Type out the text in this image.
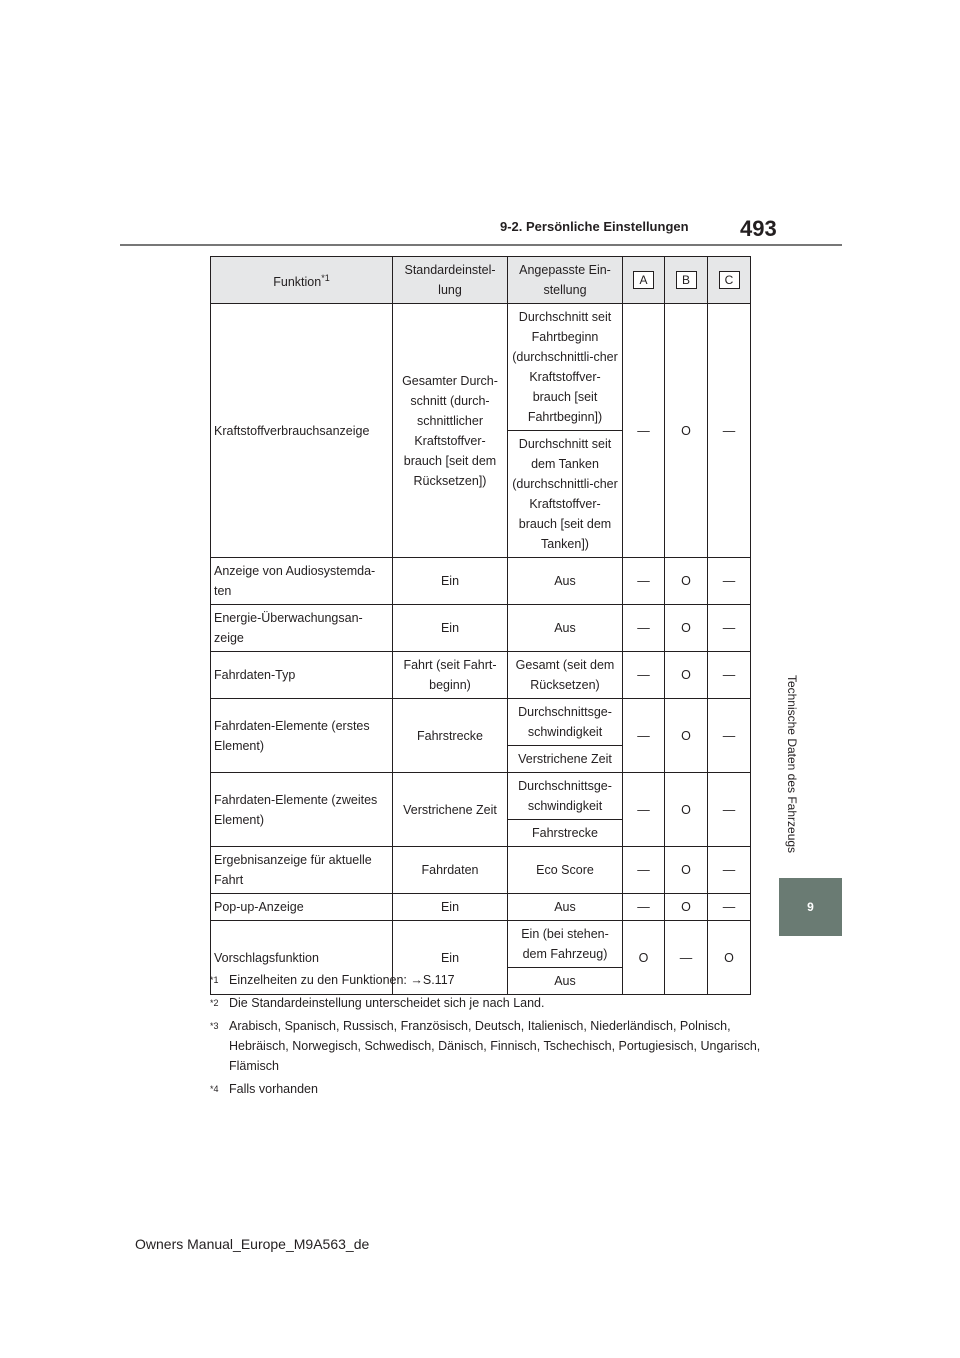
9-2. Persönliche Einstellungen 493
Technische Daten des Fahrzeugs
9
Funktion$^{*1}$	Standardeinstel-lung	Angepasste Ein-stellung	A	B	C
Kraftstoffverbrauchsanzeige	Gesamter Durch-schnitt (durch-schnittlicher Kraftstoffver-brauch [seit dem Rücksetzen])	Durchschnitt seit Fahrtbeginn (durchschnittli-cher Kraftstoffver-brauch [seit Fahrtbeginn])	—	O	—
		Durchschnitt seit dem Tanken (durchschnittli-cher Kraftstoffver-brauch [seit dem Tanken])			
Anzeige von Audiosystemda-ten	Ein	Aus	—	O	—
Energie-Überwachungsan-zeige	Ein	Aus	—	O	—
Fahrdaten-Typ	Fahrt (seit Fahrt-beginn)	Gesamt (seit dem Rücksetzen)	—	O	—
Fahrdaten-Elemente (erstes Element)	Fahrstrecke	Durchschnittsge-schwindigkeit	—	O	—
		Verstrichene Zeit			
Fahrdaten-Elemente (zweites Element)	Verstrichene Zeit	Durchschnittsge-schwindigkeit	—	O	—
		Fahrstrecke			
Ergebnisanzeige für aktuelle Fahrt	Fahrdaten	Eco Score	—	O	—
Pop-up-Anzeige	Ein	Aus	—	O	—
Vorschlagsfunktion	Ein	Ein (bei stehen-dem Fahrzeug)	O	—	O
		Aus			
*1 Einzelheiten zu den Funktionen: →S.117
*2 Die Standardeinstellung unterscheidet sich je nach Land.
*3 Arabisch, Spanisch, Russisch, Französisch, Deutsch, Italienisch, Niederländisch, Polnisch, Hebräisch, Norwegisch, Schwedisch, Dänisch, Finnisch, Tschechisch, Portugiesisch, Ungarisch, Flämisch
*4 Falls vorhanden
Owners Manual_Europe_M9A563_de
